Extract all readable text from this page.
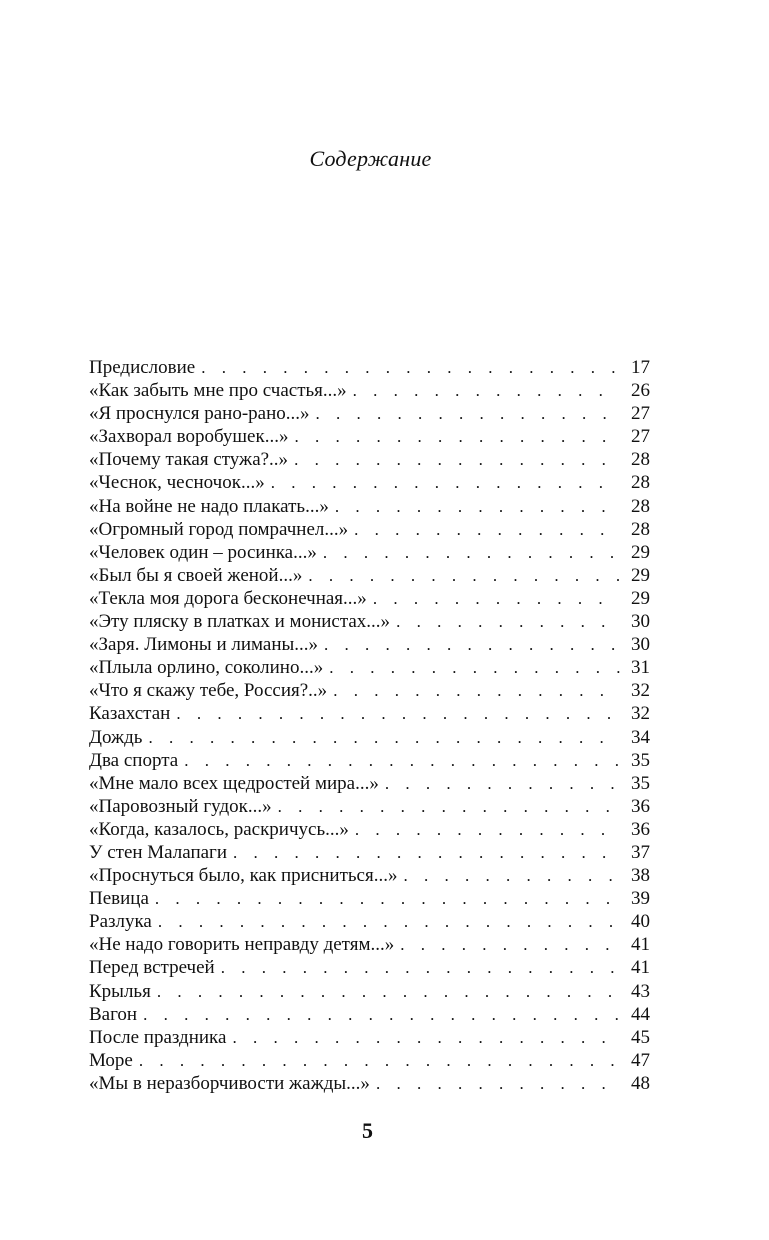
Содержание
Предисловие . . .	17
«Как забыть мне про счастья...» . . .	26
«Я проснулся рано-рано...» . . .	27
«Захворал воробушек...» . . .	27
«Почему такая стужа?..» . . .	28
«Чеснок, чесночок...» . . .	28
«На войне не надо плакать...» . . .	28
«Огромный город помрачнел...» . . .	28
«Человек один – росинка...» . . .	29
«Был бы я своей женой...» . . .	29
«Текла моя дорога бесконечная...» . . .	29
«Эту пляску в платках и монистах...» . . .	30
«Заря. Лимоны и лиманы...» . . .	30
«Плыла орлино, соколино...» . . .	31
«Что я скажу тебе, Россия?..» . . .	32
Казахстан . . .	32
Дождь . . .	34
Два спорта . . .	35
«Мне мало всех щедростей мира...» . . .	35
«Паровозный гудок...» . . .	36
«Когда, казалось, раскричусь...» . . .	36
У стен Малапаги . . .	37
«Проснуться было, как присниться...» . . .	38
Певица . . .	39
Разлука . . .	40
«Не надо говорить неправду детям...» . . .	41
Перед встречей . . .	41
Крылья . . .	43
Вагон . . .	44
После праздника . . .	45
Море . . .	47
«Мы в неразборчивости жажды...» . . .	48
5
